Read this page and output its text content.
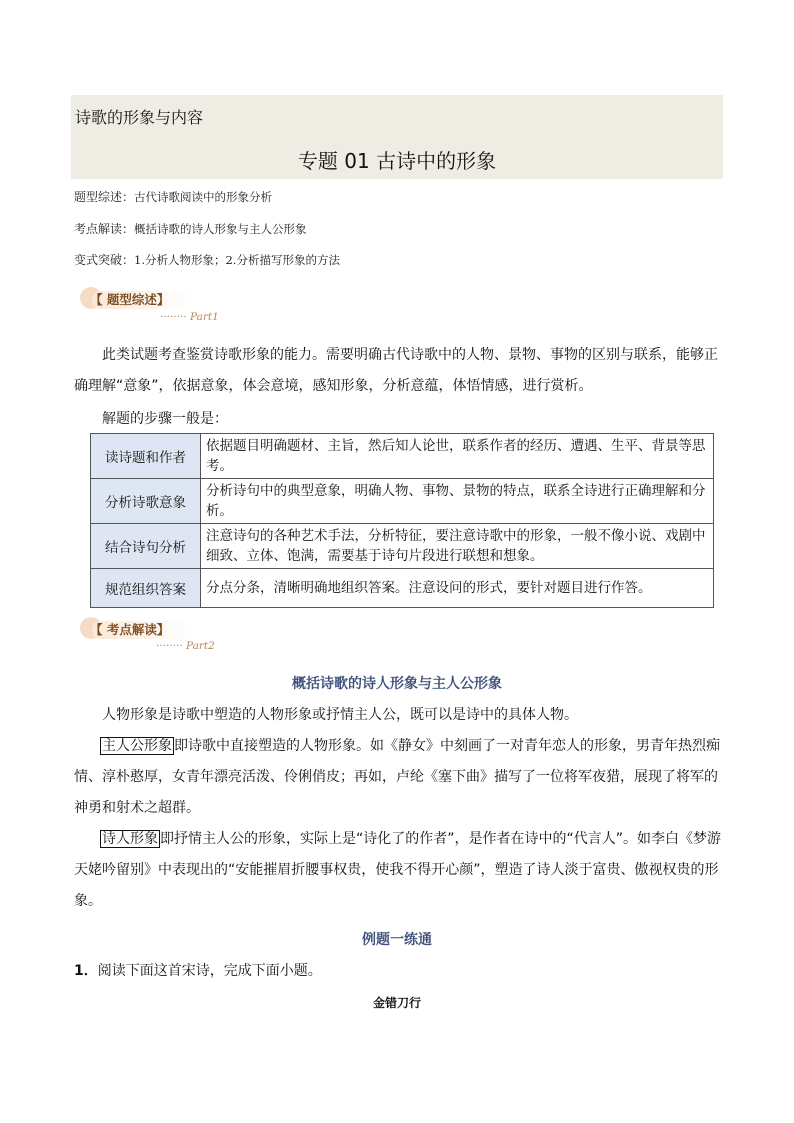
诗歌的形象与内容
专题 01 古诗中的形象
题型综述：古代诗歌阅读中的形象分析
考点解读：概括诗歌的诗人形象与主人公形象
变式突破：1.分析人物形象；2.分析描写形象的方法
【 题型综述】
········ Part1

此类试题考查鉴赏诗歌形象的能力。需要明确古代诗歌中的人物、景物、事物的区别与联系，能够正确理解“意象”，依据意象，体会意境，感知形象，分析意蕴，体悟情感，进行赏析。

解题的步骤一般是：
读诗题和作者	依据题目明确题材、主旨，然后知人论世，联系作者的经历、遭遇、生平、背景等思考。
分析诗歌意象	分析诗句中的典型意象，明确人物、事物、景物的特点，联系全诗进行正确理解和分析。
结合诗句分析	注意诗句的各种艺术手法，分析特征，要注意诗歌中的形象，一般不像小说、戏剧中细致、立体、饱满，需要基于诗句片段进行联想和想象。
规范组织答案	分点分条，清晰明确地组织答案。注意设问的形式，要针对题目进行作答。
【 考点解读】
········ Part2
概括诗歌的诗人形象与主人公形象

人物形象是诗歌中塑造的人物形象或抒情主人公，既可以是诗中的具体人物。

主人公形象 即诗歌中直接塑造的人物形象。如《静女》中刻画了一对青年恋人的形象，男青年热烈痴情、淳朴憨厚，女青年漂亮活泼、伶俐俏皮；再如，卢纶《塞下曲》描写了一位将军夜猎，展现了将军的神勇和射术之超群。

诗人形象 即抒情主人公的形象，实际上是“诗化了的作者”，是作者在诗中的“代言人”。如李白《梦游天姥吟留别》中表现出的“安能摧眉折腰事权贵，使我不得开心颜”，塑造了诗人淡于富贵、傲视权贵的形象。

例题一练通
1．阅读下面这首宋诗，完成下面小题。
金错刀行
